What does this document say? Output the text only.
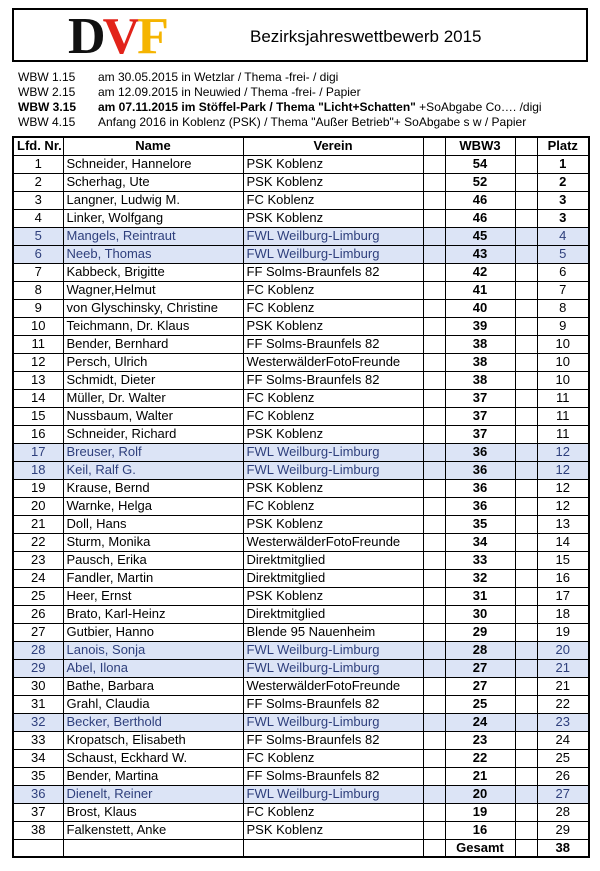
DVF	Bezirksjahreswettbewerb 2015
WBW 1.15 am 30.05.2015 in Wetzlar / Thema -frei- / digi
WBW 2.15 am 12.09.2015 in Neuwied / Thema -frei- / Papier
WBW 3.15 am 07.11.2015 im Stöffel-Park / Thema "Licht+Schatten" +SoAbgabe Co…. /digi
WBW 4.15 Anfang 2016 in Koblenz (PSK) / Thema "Außer Betrieb"+ SoAbgabe s w / Papier
Lfd. Nr.	Name	Verein		WBW3		Platz
1	Schneider, Hannelore	PSK Koblenz		54		1
2	Scherhag, Ute	PSK Koblenz		52		2
3	Langner, Ludwig M.	FC Koblenz		46		3
4	Linker, Wolfgang	PSK Koblenz		46		3
5	Mangels, Reintraut	FWL Weilburg-Limburg		45		4
6	Neeb, Thomas	FWL Weilburg-Limburg		43		5
7	Kabbeck, Brigitte	FF Solms-Braunfels 82		42		6
8	Wagner,Helmut	FC Koblenz		41		7
9	von Glyschinsky, Christine	FC Koblenz		40		8
10	Teichmann, Dr. Klaus	PSK Koblenz		39		9
11	Bender, Bernhard	FF Solms-Braunfels 82		38		10
12	Persch, Ulrich	WesterwälderFotoFreunde		38		10
13	Schmidt, Dieter	FF Solms-Braunfels 82		38		10
14	Müller, Dr. Walter	FC Koblenz		37		11
15	Nussbaum, Walter	FC Koblenz		37		11
16	Schneider, Richard	PSK Koblenz		37		11
17	Breuser, Rolf	FWL Weilburg-Limburg		36		12
18	Keil, Ralf G.	FWL Weilburg-Limburg		36		12
19	Krause, Bernd	PSK Koblenz		36		12
20	Warnke, Helga	FC Koblenz		36		12
21	Doll, Hans	PSK Koblenz		35		13
22	Sturm, Monika	WesterwälderFotoFreunde		34		14
23	Pausch, Erika	Direktmitglied		33		15
24	Fandler, Martin	Direktmitglied		32		16
25	Heer, Ernst	PSK Koblenz		31		17
26	Brato, Karl-Heinz	Direktmitglied		30		18
27	Gutbier, Hanno	Blende 95 Nauenheim		29		19
28	Lanois, Sonja	FWL Weilburg-Limburg		28		20
29	Abel, Ilona	FWL Weilburg-Limburg		27		21
30	Bathe, Barbara	WesterwälderFotoFreunde		27		21
31	Grahl, Claudia	FF Solms-Braunfels 82		25		22
32	Becker, Berthold	FWL Weilburg-Limburg		24		23
33	Kropatsch, Elisabeth	FF Solms-Braunfels 82		23		24
34	Schaust, Eckhard W.	FC Koblenz		22		25
35	Bender, Martina	FF Solms-Braunfels 82		21		26
36	Dienelt, Reiner	FWL Weilburg-Limburg		20		27
37	Brost, Klaus	FC Koblenz		19		28
38	Falkenstett, Anke	PSK Koblenz		16		29
				Gesamt		38
